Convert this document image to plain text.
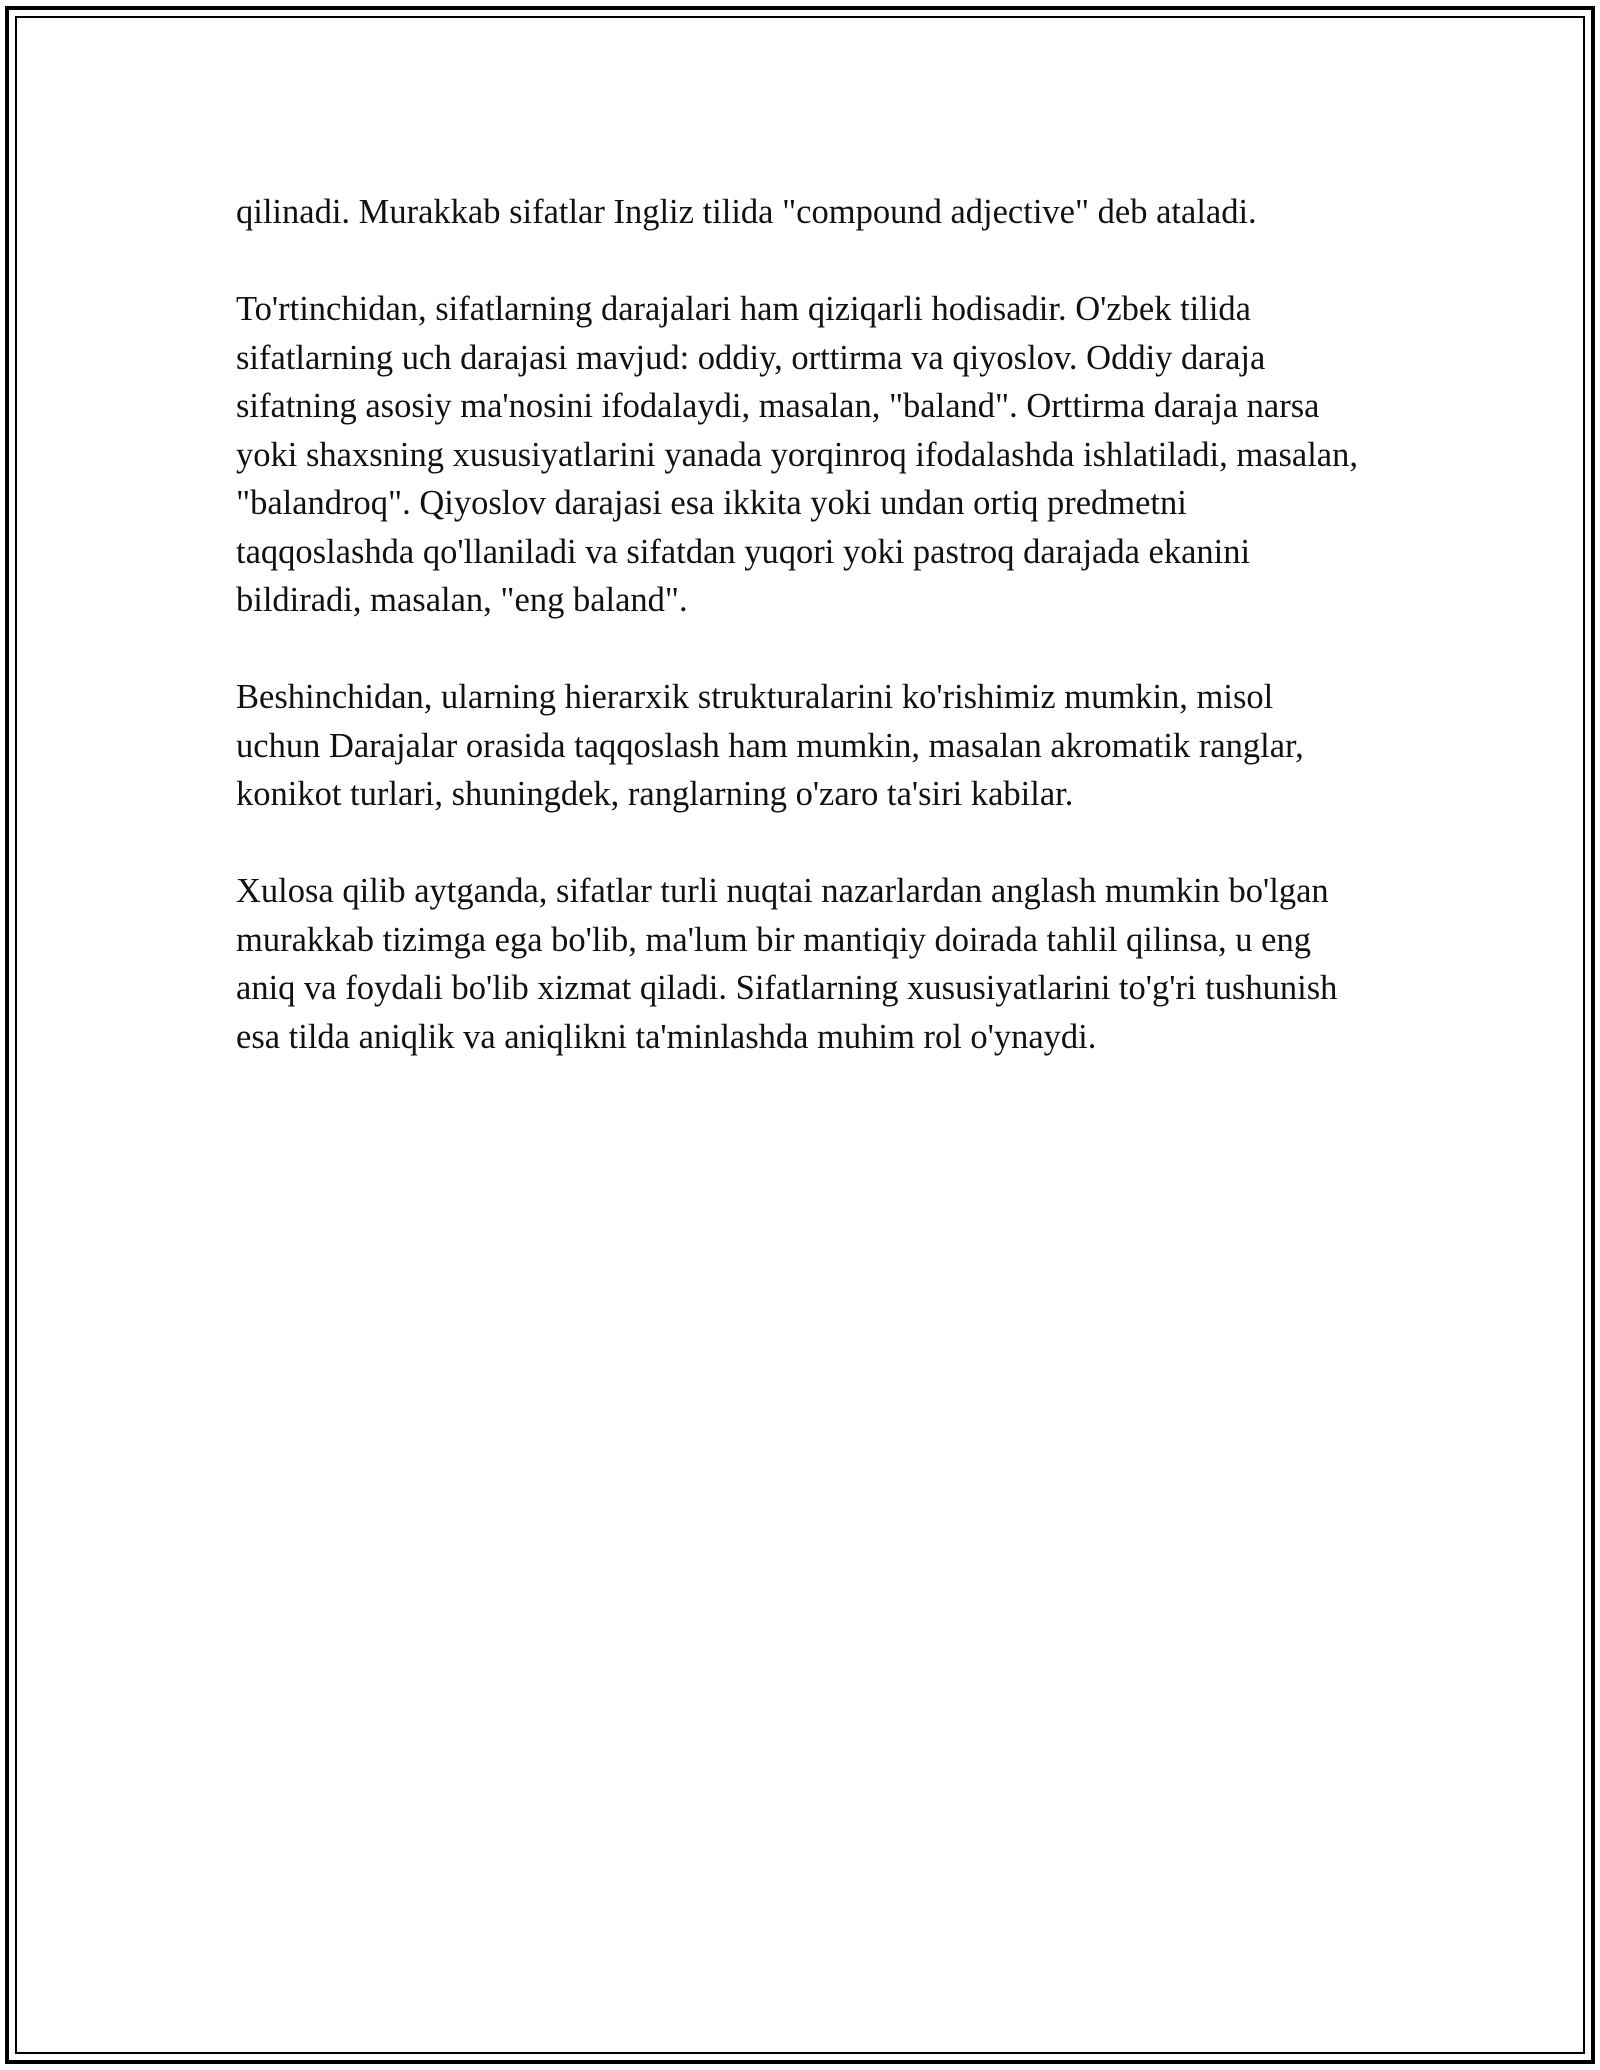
qilinadi. Murakkab sifatlar Ingliz tilida "compound adjective" deb ataladi.

To'rtinchidan, sifatlarning darajalari ham qiziqarli hodisadir. O'zbek tilida sifatlarning uch darajasi mavjud: oddiy, orttirma va qiyoslov. Oddiy daraja sifatning asosiy ma'nosini ifodalaydi, masalan, "baland". Orttirma daraja narsa yoki shaxsning xususiyatlarini yanada yorqinroq ifodalashda ishlatiladi, masalan, "balandroq". Qiyoslov darajasi esa ikkita yoki undan ortiq predmetni taqqoslashda qo'llaniladi va sifatdan yuqori yoki pastroq darajada ekanini bildiradi, masalan, "eng baland".

Beshinchidan, ularning hierarxik strukturalarini ko'rishimiz mumkin, misol uchun Darajalar orasida taqqoslash ham mumkin, masalan akromatik ranglar, konikot turlari, shuningdek, ranglarning o'zaro ta'siri kabilar.

Xulosa qilib aytganda, sifatlar turli nuqtai nazarlardan anglash mumkin bo'lgan murakkab tizimga ega bo'lib, ma'lum bir mantiqiy doirada tahlil qilinsa, u eng aniq va foydali bo'lib xizmat qiladi. Sifatlarning xususiyatlarini to'g'ri tushunish esa tilda aniqlik va aniqlikni ta'minlashda muhim rol o'ynaydi.
